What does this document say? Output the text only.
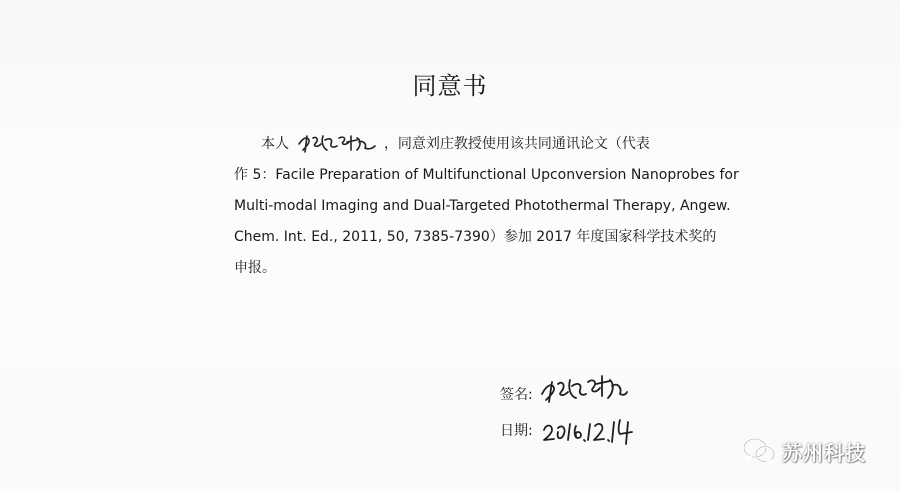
同意书
本人	，同意刘庄教授使用该共同通讯论文（代表
作 5：Facile Preparation of Multifunctional Upconversion Nanoprobes for
Multi-modal Imaging and Dual-Targeted Photothermal Therapy, Angew.
Chem. Int. Ed., 2011, 50, 7385-7390）参加 2017 年度国家科学技术奖的
申报。
签名:
日期:
苏州科技
